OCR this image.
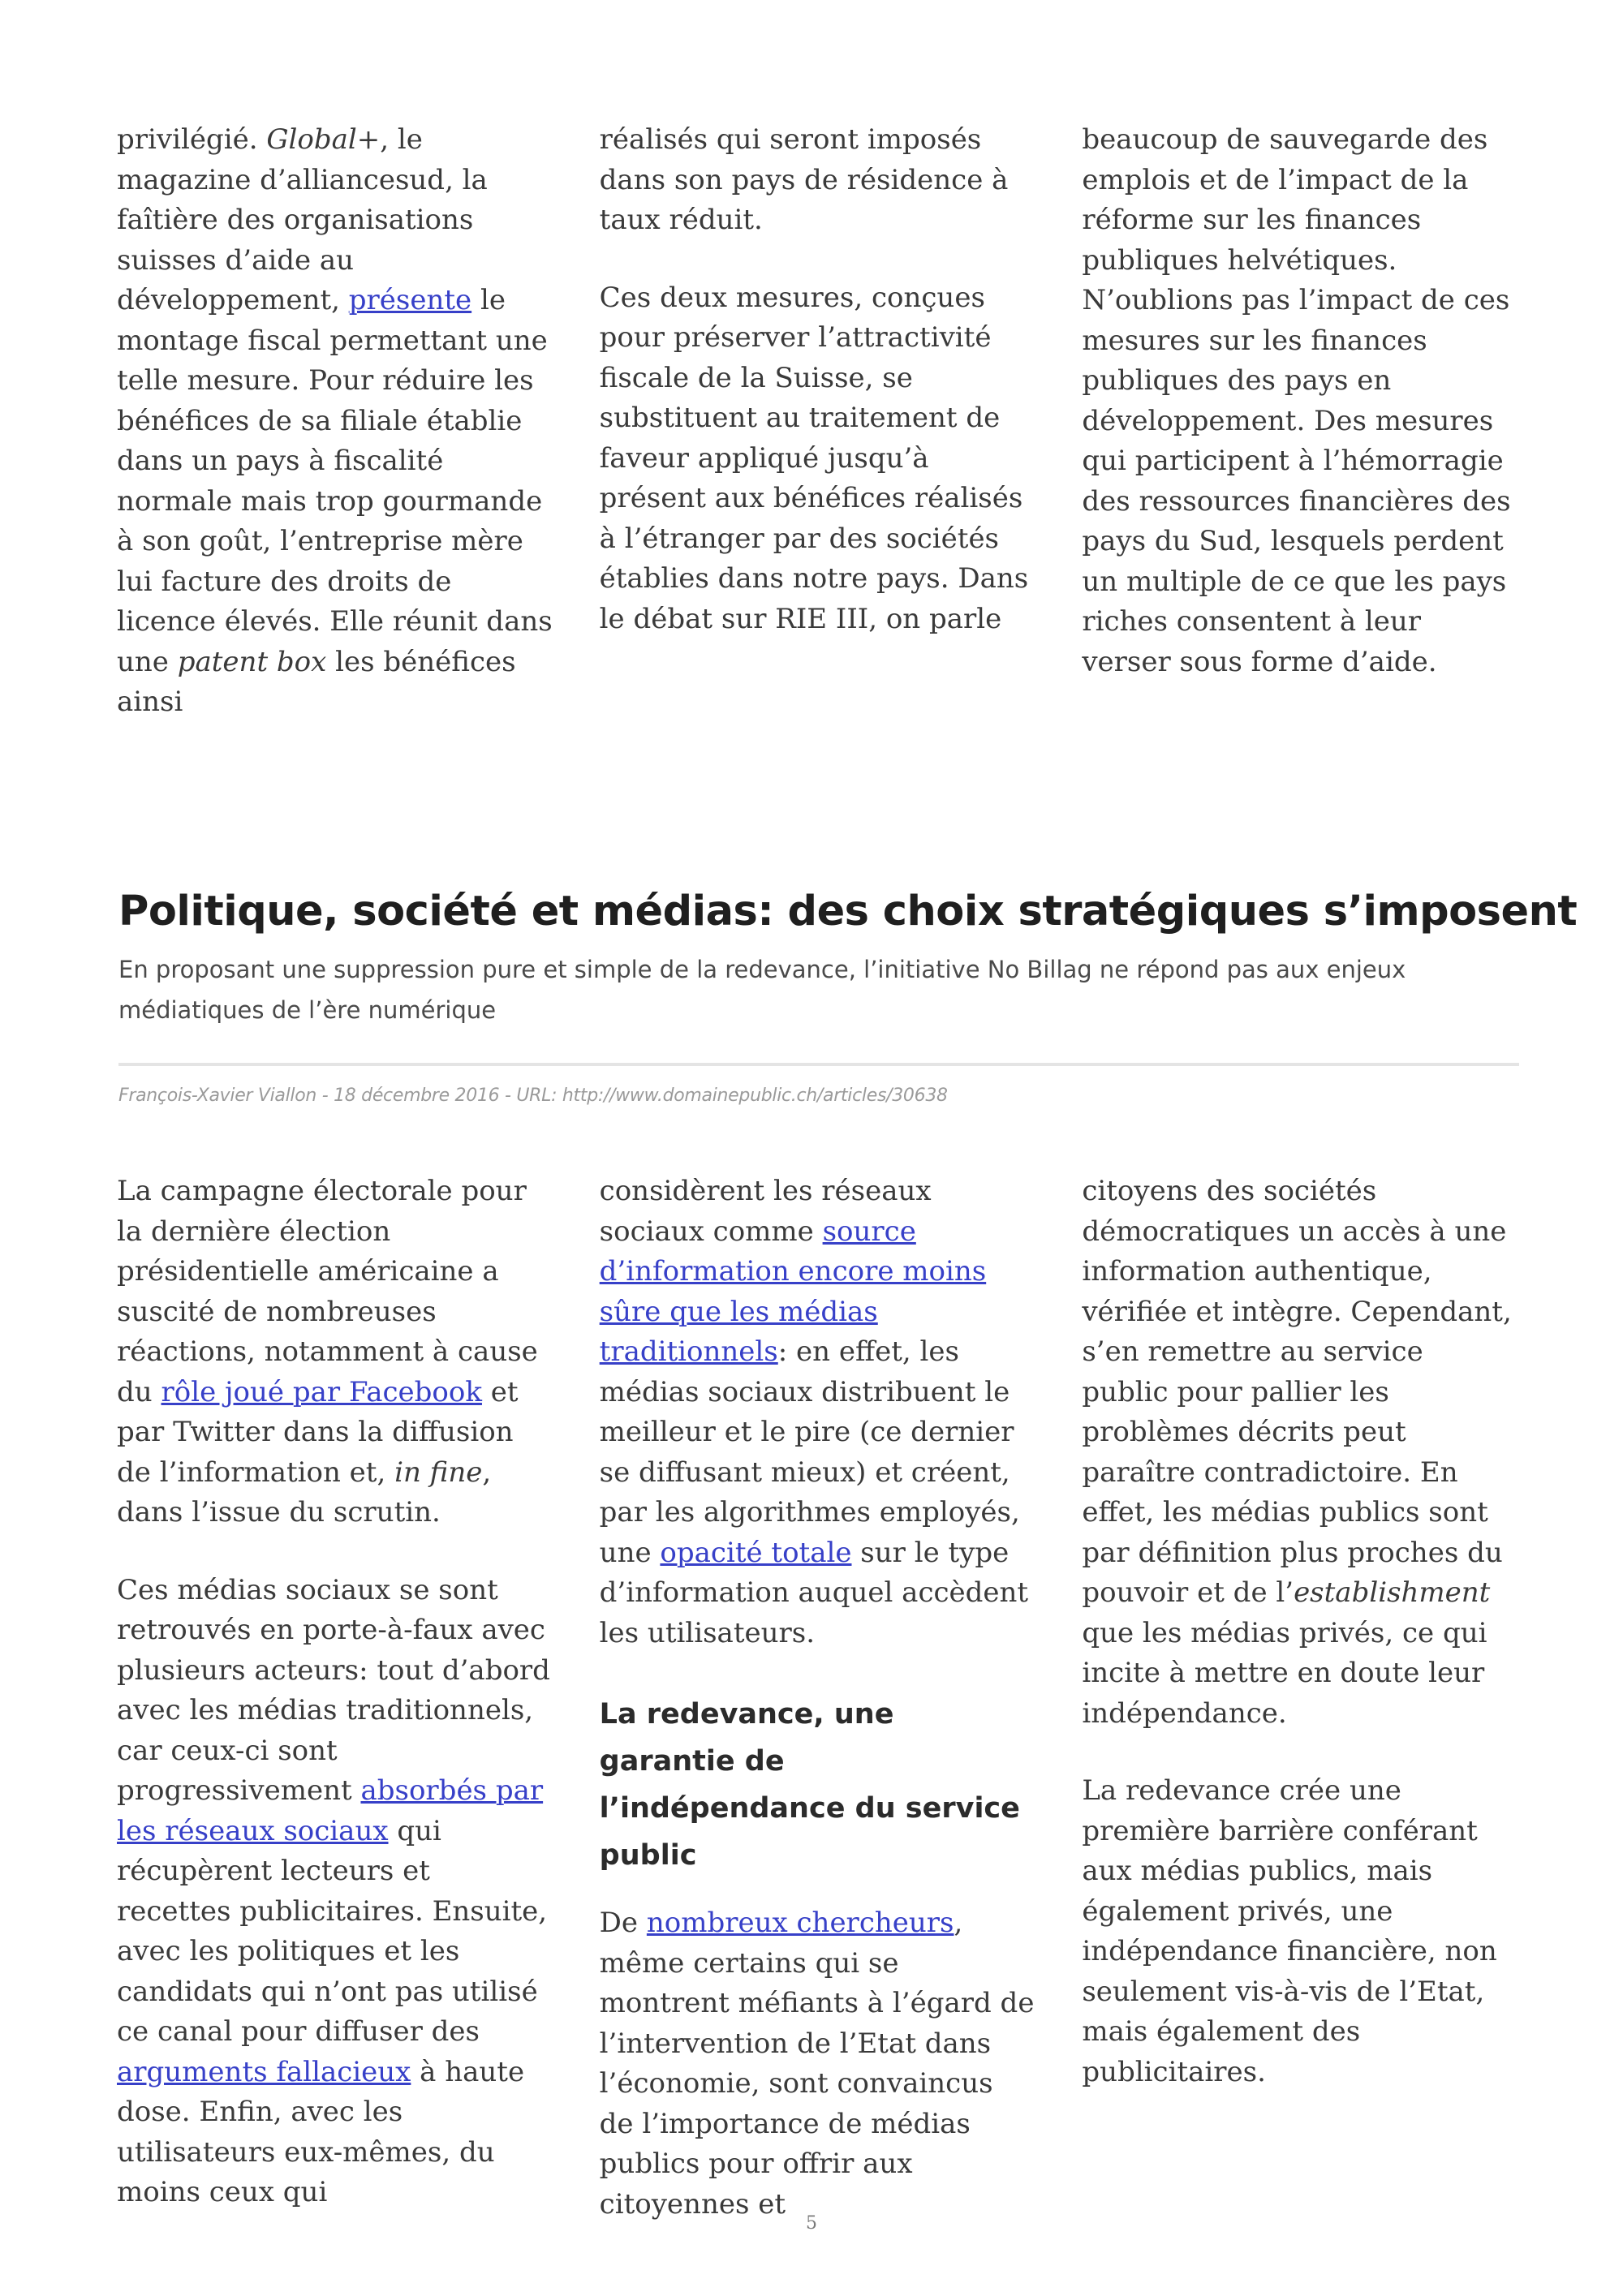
privilégié. Global+, le magazine d’alliancesud, la faîtière des organisations suisses d’aide au développement, présente le montage fiscal permettant une telle mesure. Pour réduire les bénéfices de sa filiale établie dans un pays à fiscalité normale mais trop gourmande à son goût, l’entreprise mère lui facture des droits de licence élevés. Elle réunit dans une patent box les bénéfices ainsi

réalisés qui seront imposés dans son pays de résidence à taux réduit.

Ces deux mesures, conçues pour préserver l’attractivité fiscale de la Suisse, se substituent au traitement de faveur appliqué jusqu’à présent aux bénéfices réalisés à l’étranger par des sociétés établies dans notre pays. Dans le débat sur RIE III, on parle

beaucoup de sauvegarde des emplois et de l’impact de la réforme sur les finances publiques helvétiques. N’oublions pas l’impact de ces mesures sur les finances publiques des pays en développement. Des mesures qui participent à l’hémorragie des ressources financières des pays du Sud, lesquels perdent un multiple de ce que les pays riches consentent à leur verser sous forme d’aide.

Politique, société et médias: des choix stratégiques s’imposent

En proposant une suppression pure et simple de la redevance, l’initiative No Billag ne répond pas aux enjeux médiatiques de l’ère numérique

François-Xavier Viallon - 18 décembre 2016 - URL: http://www.domainepublic.ch/articles/30638

La campagne électorale pour la dernière élection présidentielle américaine a suscité de nombreuses réactions, notamment à cause du rôle joué par Facebook et par Twitter dans la diffusion de l’information et, in fine, dans l’issue du scrutin.

Ces médias sociaux se sont retrouvés en porte-à-faux avec plusieurs acteurs: tout d’abord avec les médias traditionnels, car ceux-ci sont progressivement absorbés par les réseaux sociaux qui récupèrent lecteurs et recettes publicitaires. Ensuite, avec les politiques et les candidats qui n’ont pas utilisé ce canal pour diffuser des arguments fallacieux à haute dose. Enfin, avec les utilisateurs eux-mêmes, du moins ceux qui

considèrent les réseaux sociaux comme source d’information encore moins sûre que les médias traditionnels: en effet, les médias sociaux distribuent le meilleur et le pire (ce dernier se diffusant mieux) et créent, par les algorithmes employés, une opacité totale sur le type d’information auquel accèdent les utilisateurs.

La redevance, une garantie de l’indépendance du service public

De nombreux chercheurs, même certains qui se montrent méfiants à l’égard de l’intervention de l’Etat dans l’économie, sont convaincus de l’importance de médias publics pour offrir aux citoyennes et

citoyens des sociétés démocratiques un accès à une information authentique, vérifiée et intègre. Cependant, s’en remettre au service public pour pallier les problèmes décrits peut paraître contradictoire. En effet, les médias publics sont par définition plus proches du pouvoir et de l’establishment que les médias privés, ce qui incite à mettre en doute leur indépendance.

La redevance crée une première barrière conférant aux médias publics, mais également privés, une indépendance financière, non seulement vis-à-vis de l’Etat, mais également des publicitaires.

5
